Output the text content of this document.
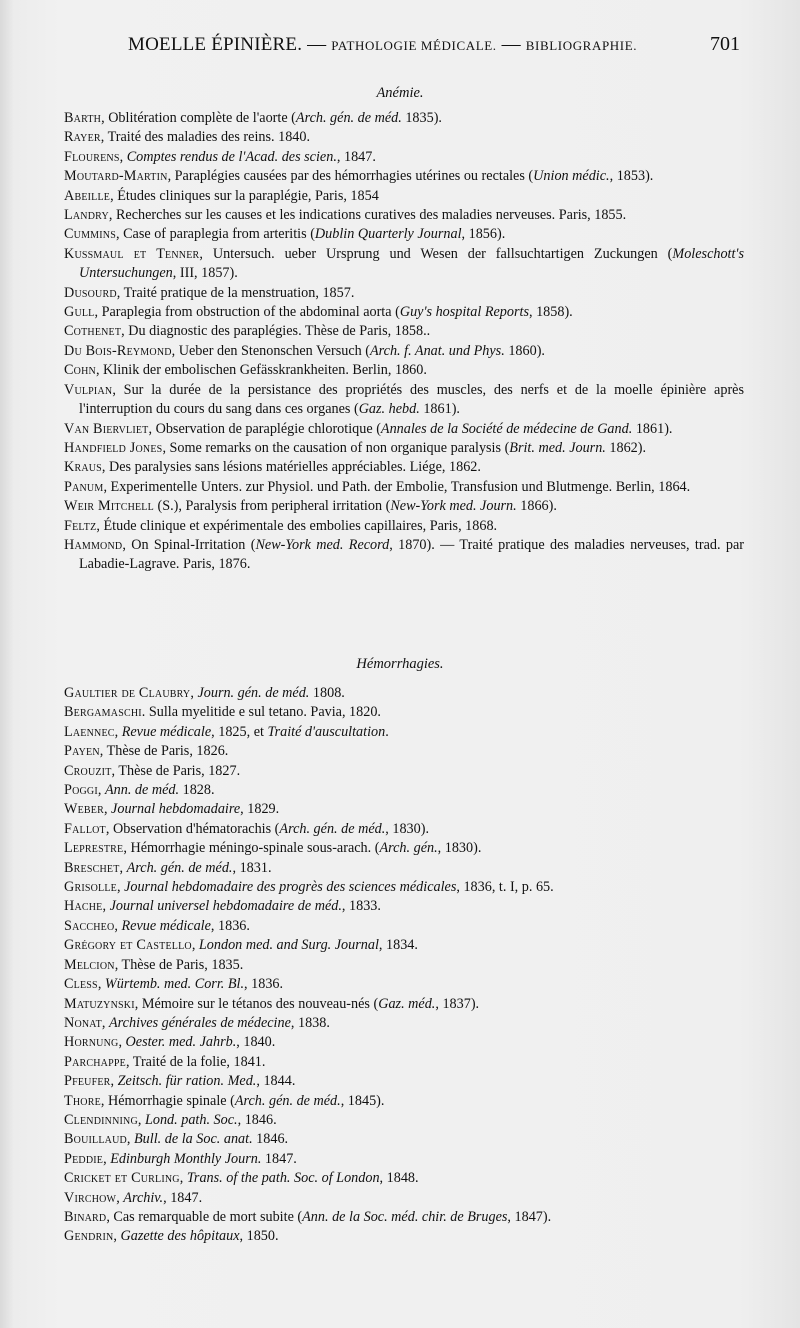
MOELLE ÉPINIÈRE. — PATHOLOGIE MÉDICALE. — BIBLIOGRAPHIE.	701
Anémie.
Barth, Oblitération complète de l'aorte (Arch. gén. de méd. 1835).
Rayer, Traité des maladies des reins. 1840.
Flourens, Comptes rendus de l'Acad. des scien., 1847.
Moutard-Martin, Paraplégies causées par des hémorrhagies utérines ou rectales (Union médic., 1853).
Abeille, Études cliniques sur la paraplégie, Paris, 1854
Landry, Recherches sur les causes et les indications curatives des maladies nerveuses. Paris, 1855.
Cummins, Case of paraplegia from arteritis (Dublin Quarterly Journal, 1856).
Kussmaul et Tenner, Untersuch. ueber Ursprung und Wesen der fallsuchtartigen Zuckungen (Moleschott's Untersuchungen, III, 1857).
Dusourd, Traité pratique de la menstruation, 1857.
Gull, Paraplegia from obstruction of the abdominal aorta (Guy's hospital Reports, 1858).
Cothenet, Du diagnostic des paraplégies. Thèse de Paris, 1858..
Du Bois-Reymond, Ueber den Stenonschen Versuch (Arch. f. Anat. und Phys. 1860).
Cohn, Klinik der embolischen Gefässkrankheiten. Berlin, 1860.
Vulpian, Sur la durée de la persistance des propriétés des muscles, des nerfs et de la moelle épinière après l'interruption du cours du sang dans ces organes (Gaz. hebd. 1861).
Van Biervliet, Observation de paraplégie chlorotique (Annales de la Société de médecine de Gand. 1861).
Handfield Jones, Some remarks on the causation of non organique paralysis (Brit. med. Journ. 1862).
Kraus, Des paralysies sans lésions matérielles appréciables. Liége, 1862.
Panum, Experimentelle Unters. zur Physiol. und Path. der Embolie, Transfusion und Blutmenge. Berlin, 1864.
Weir Mitchell (S.), Paralysis from peripheral irritation (New-York med. Journ. 1866).
Feltz, Étude clinique et expérimentale des embolies capillaires, Paris, 1868.
Hammond, On Spinal-Irritation (New-York med. Record, 1870). — Traité pratique des maladies nerveuses, trad. par Labadie-Lagrave. Paris, 1876.
Hémorrhagies.
Gaultier de Claubry, Journ. gén. de méd. 1808.
Bergamaschi. Sulla myelitide e sul tetano. Pavia, 1820.
Laennec, Revue médicale, 1825, et Traité d'auscultation.
Payen, Thèse de Paris, 1826.
Crouzit, Thèse de Paris, 1827.
Poggi, Ann. de méd. 1828.
Weber, Journal hebdomadaire, 1829.
Fallot, Observation d'hématorachis (Arch. gén. de méd., 1830).
Leprestre, Hémorrhagie méningo-spinale sous-arach. (Arch. gén., 1830).
Breschet, Arch. gén. de méd., 1831.
Grisolle, Journal hebdomadaire des progrès des sciences médicales, 1836, t. I, p. 65.
Hache, Journal universel hebdomadaire de méd., 1833.
Saccheo, Revue médicale, 1836.
Grégory et Castello, London med. and Surg. Journal, 1834.
Melcion, Thèse de Paris, 1835.
Cless, Würtemb. med. Corr. Bl., 1836.
Matuzynski, Mémoire sur le tétanos des nouveau-nés (Gaz. méd., 1837).
Nonat, Archives générales de médecine, 1838.
Hornung, Oester. med. Jahrb., 1840.
Parchappe, Traité de la folie, 1841.
Pfeufer, Zeitsch. für ration. Med., 1844.
Thore, Hémorrhagie spinale (Arch. gén. de méd., 1845).
Clendinning, Lond. path. Soc., 1846.
Bouillaud, Bull. de la Soc. anat. 1846.
Peddie, Edinburgh Monthly Journ. 1847.
Cricket et Curling, Trans. of the path. Soc. of London, 1848.
Virchow, Archiv., 1847.
Binard, Cas remarquable de mort subite (Ann. de la Soc. méd. chir. de Bruges, 1847).
Gendrin, Gazette des hôpitaux, 1850.
